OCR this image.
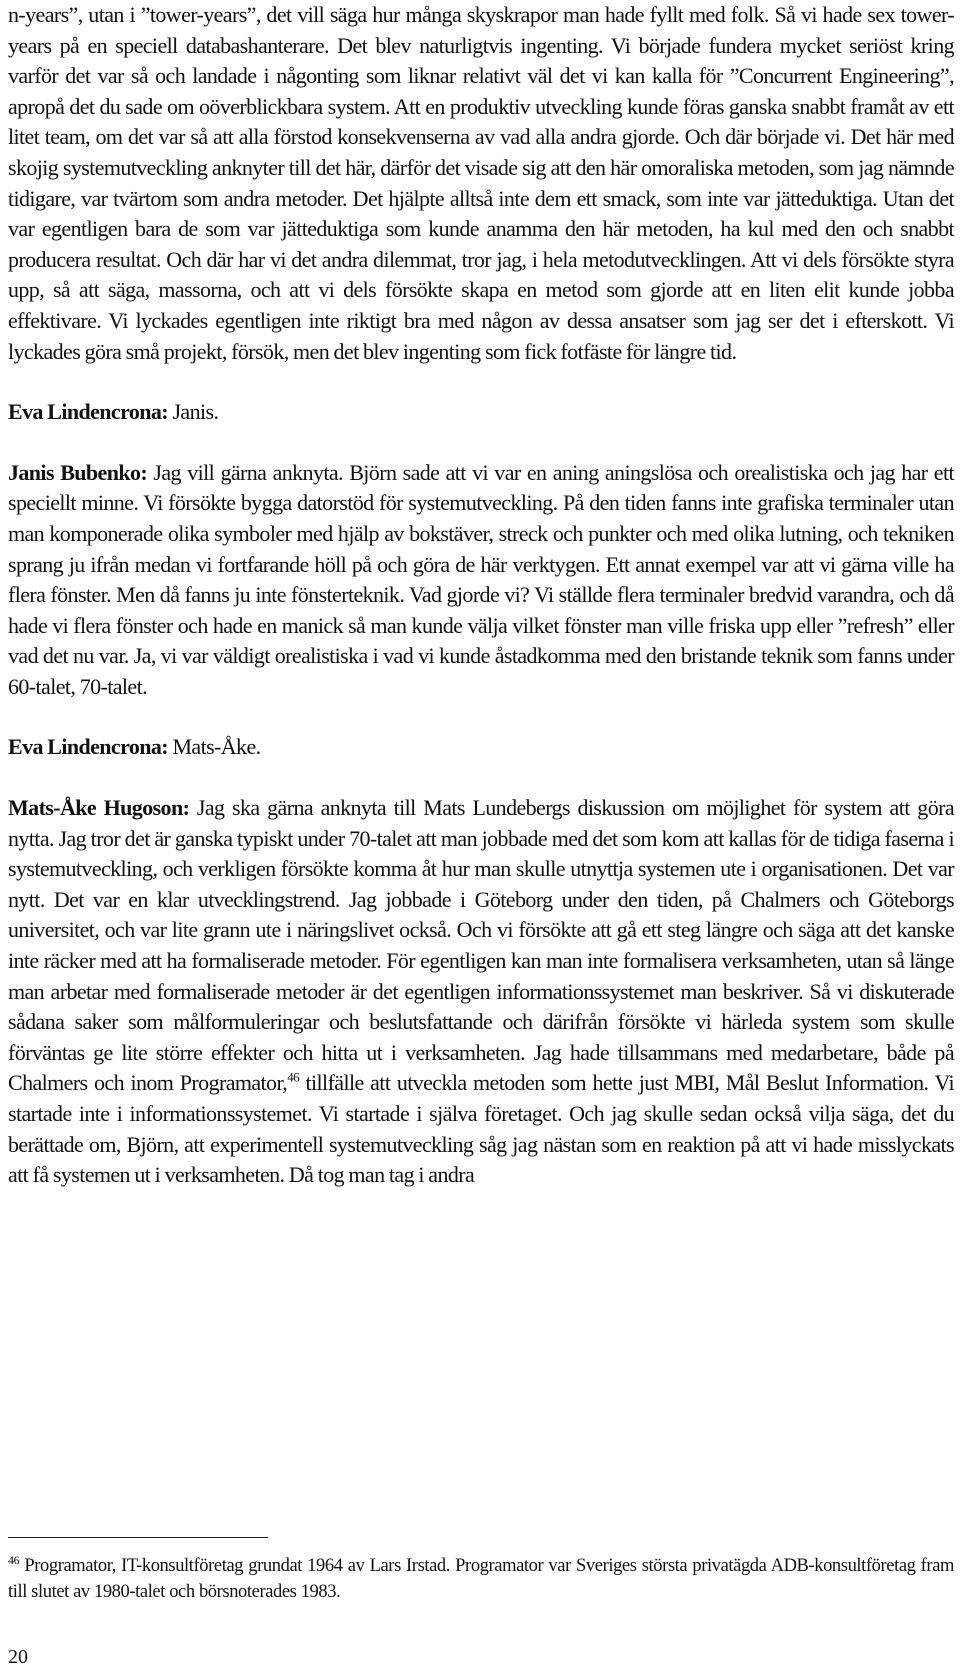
n-years”, utan i ”tower-years”, det vill säga hur många skyskrapor man hade fyllt med folk. Så vi hade sex tower-years på en speciell databashanterare. Det blev naturligtvis ingenting. Vi började fundera mycket seriöst kring varför det var så och landade i någonting som liknar relativt väl det vi kan kalla för ”Concurrent Engineering”, apropå det du sade om oöverblickbara system. Att en produktiv utveckling kunde föras ganska snabbt framåt av ett litet team, om det var så att alla förstod konsekvenserna av vad alla andra gjorde. Och där började vi. Det här med skojig systemutveckling anknyter till det här, därför det visade sig att den här omoraliska metoden, som jag nämnde tidigare, var tvärtom som andra metoder. Det hjälpte alltså inte dem ett smack, som inte var jätteduktiga. Utan det var egentligen bara de som var jätteduktiga som kunde anamma den här metoden, ha kul med den och snabbt producera resultat. Och där har vi det andra dilemmat, tror jag, i hela metodutvecklingen. Att vi dels försökte styra upp, så att säga, massorna, och att vi dels försökte skapa en metod som gjorde att en liten elit kunde jobba effektivare. Vi lyckades egentligen inte riktigt bra med någon av dessa ansatser som jag ser det i efterskott. Vi lyckades göra små projekt, försök, men det blev ingenting som fick fotfäste för längre tid.

Eva Lindencrona: Janis.

Janis Bubenko: Jag vill gärna anknyta. Björn sade att vi var en aning aningslösa och orealistiska och jag har ett speciellt minne. Vi försökte bygga datorstöd för systemutveckling. På den tiden fanns inte grafiska terminaler utan man komponerade olika symboler med hjälp av bokstäver, streck och punkter och med olika lutning, och tekniken sprang ju ifrån medan vi fortfarande höll på och göra de här verktygen. Ett annat exempel var att vi gärna ville ha flera fönster. Men då fanns ju inte fönsterteknik. Vad gjorde vi? Vi ställde flera terminaler bredvid varandra, och då hade vi flera fönster och hade en manick så man kunde välja vilket fönster man ville friska upp eller ”refresh” eller vad det nu var. Ja, vi var väldigt orealistiska i vad vi kunde åstadkomma med den bristande teknik som fanns under 60-talet, 70-talet.

Eva Lindencrona: Mats-Åke.

Mats-Åke Hugoson: Jag ska gärna anknyta till Mats Lundebergs diskussion om möjlighet för system att göra nytta. Jag tror det är ganska typiskt under 70-talet att man jobbade med det som kom att kallas för de tidiga faserna i systemutveckling, och verkligen försökte komma åt hur man skulle utnyttja systemen ute i organisationen. Det var nytt. Det var en klar utvecklingstrend. Jag jobbade i Göteborg under den tiden, på Chalmers och Göteborgs universitet, och var lite grann ute i näringslivet också. Och vi försökte att gå ett steg längre och säga att det kanske inte räcker med att ha formaliserade metoder. För egentligen kan man inte formalisera verksamheten, utan så länge man arbetar med formaliserade metoder är det egentligen informationssystemet man beskriver. Så vi diskuterade sådana saker som målformuleringar och beslutsfattande och därifrån försökte vi härleda system som skulle förväntas ge lite större effekter och hitta ut i verksamheten. Jag hade tillsammans med medarbetare, både på Chalmers och inom Programator,$^{46}$ tillfälle att utveckla metoden som hette just MBI, Mål Beslut Information. Vi startade inte i informationssystemet. Vi startade i själva företaget. Och jag skulle sedan också vilja säga, det du berättade om, Björn, att experimentell systemutveckling såg jag nästan som en reaktion på att vi hade misslyckats att få systemen ut i verksamheten. Då tog man tag i andra

$^{46}$ Programator, IT-konsultföretag grundat 1964 av Lars Irstad. Programator var Sveriges största privatägda ADB-konsultföretag fram till slutet av 1980-talet och börsnoterades 1983.
20
